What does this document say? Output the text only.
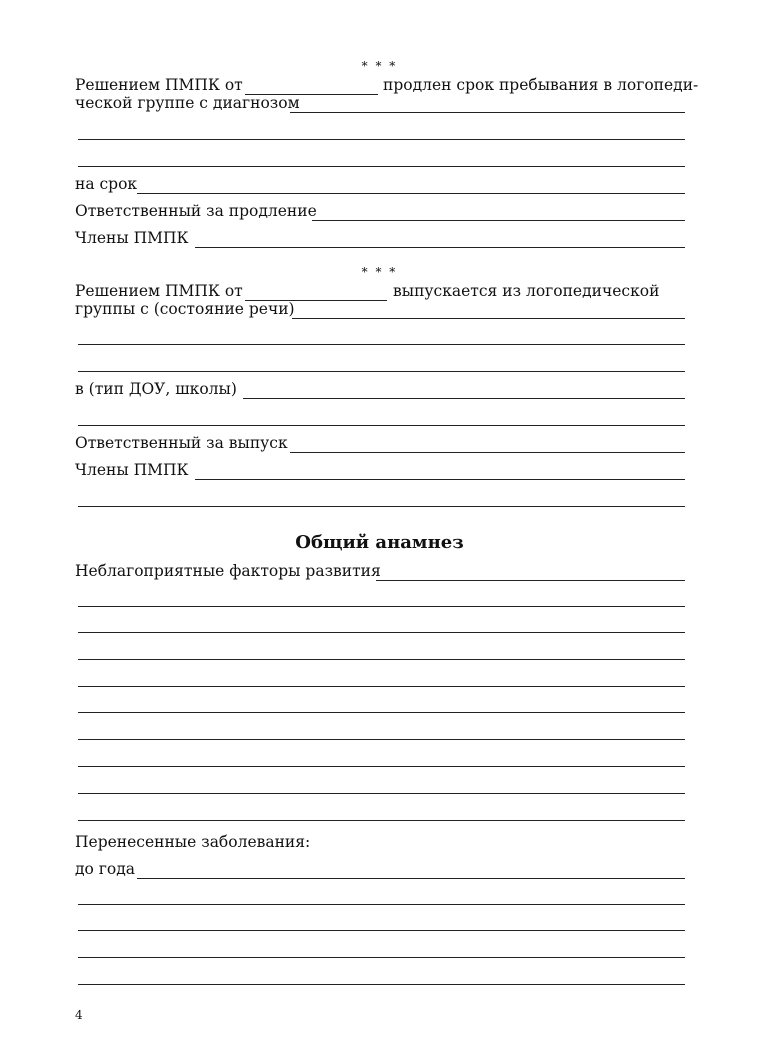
* * *
Решением ПМПК от	продлен срок пребывания в логопеди-
ческой группе с диагнозом
на срок
Ответственный за продление
Члены ПМПК
* * *
Решением ПМПК от	выпускается из логопедической
группы с (состояние речи)
в (тип ДОУ, школы)
Ответственный за выпуск
Члены ПМПК
Общий анамнез
Неблагоприятные факторы развития
Перенесенные заболевания:
до года
4
